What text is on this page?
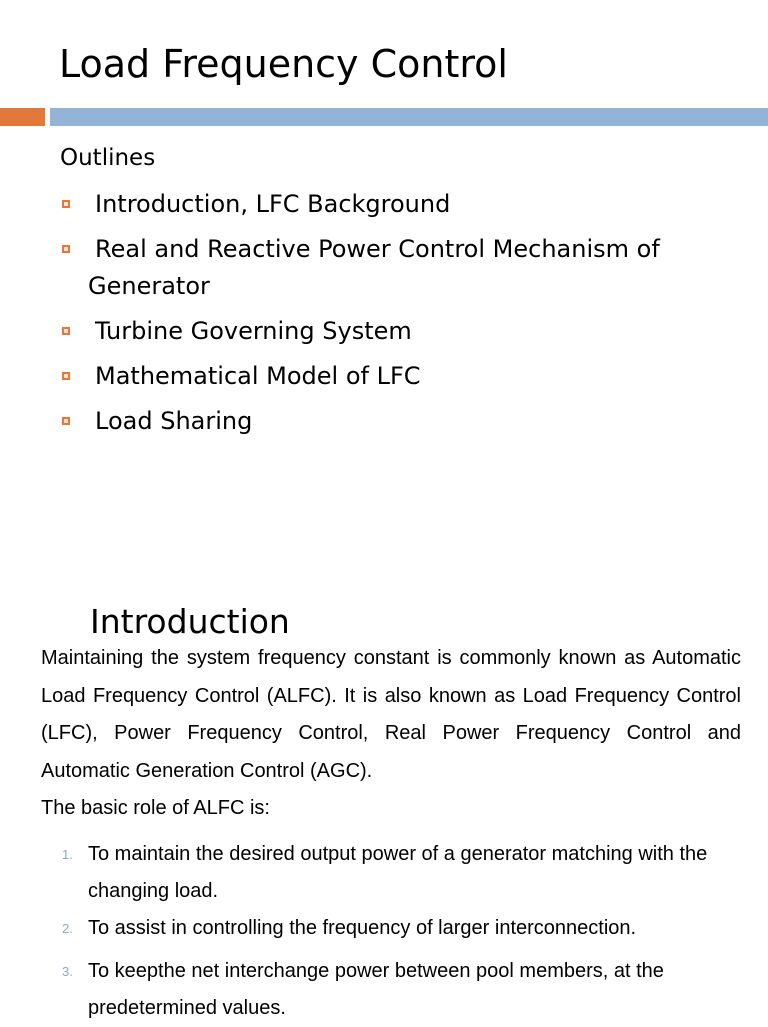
Load Frequency Control
Outlines
Introduction, LFC Background
Real and Reactive Power Control Mechanism of Generator
Turbine Governing System
Mathematical Model of LFC
Load Sharing
Introduction

Maintaining the system frequency constant is commonly known as Automatic Load Frequency Control (ALFC). It is also known as Load Frequency Control (LFC), Power Frequency Control, Real Power Frequency Control and Automatic Generation Control (AGC).

The basic role of ALFC is:
1. To maintain the desired output power of a generator matching with the changing load.
2. To assist in controlling the frequency of larger interconnection.
3. To keepthe net interchange power between pool members, at the predetermined values.
